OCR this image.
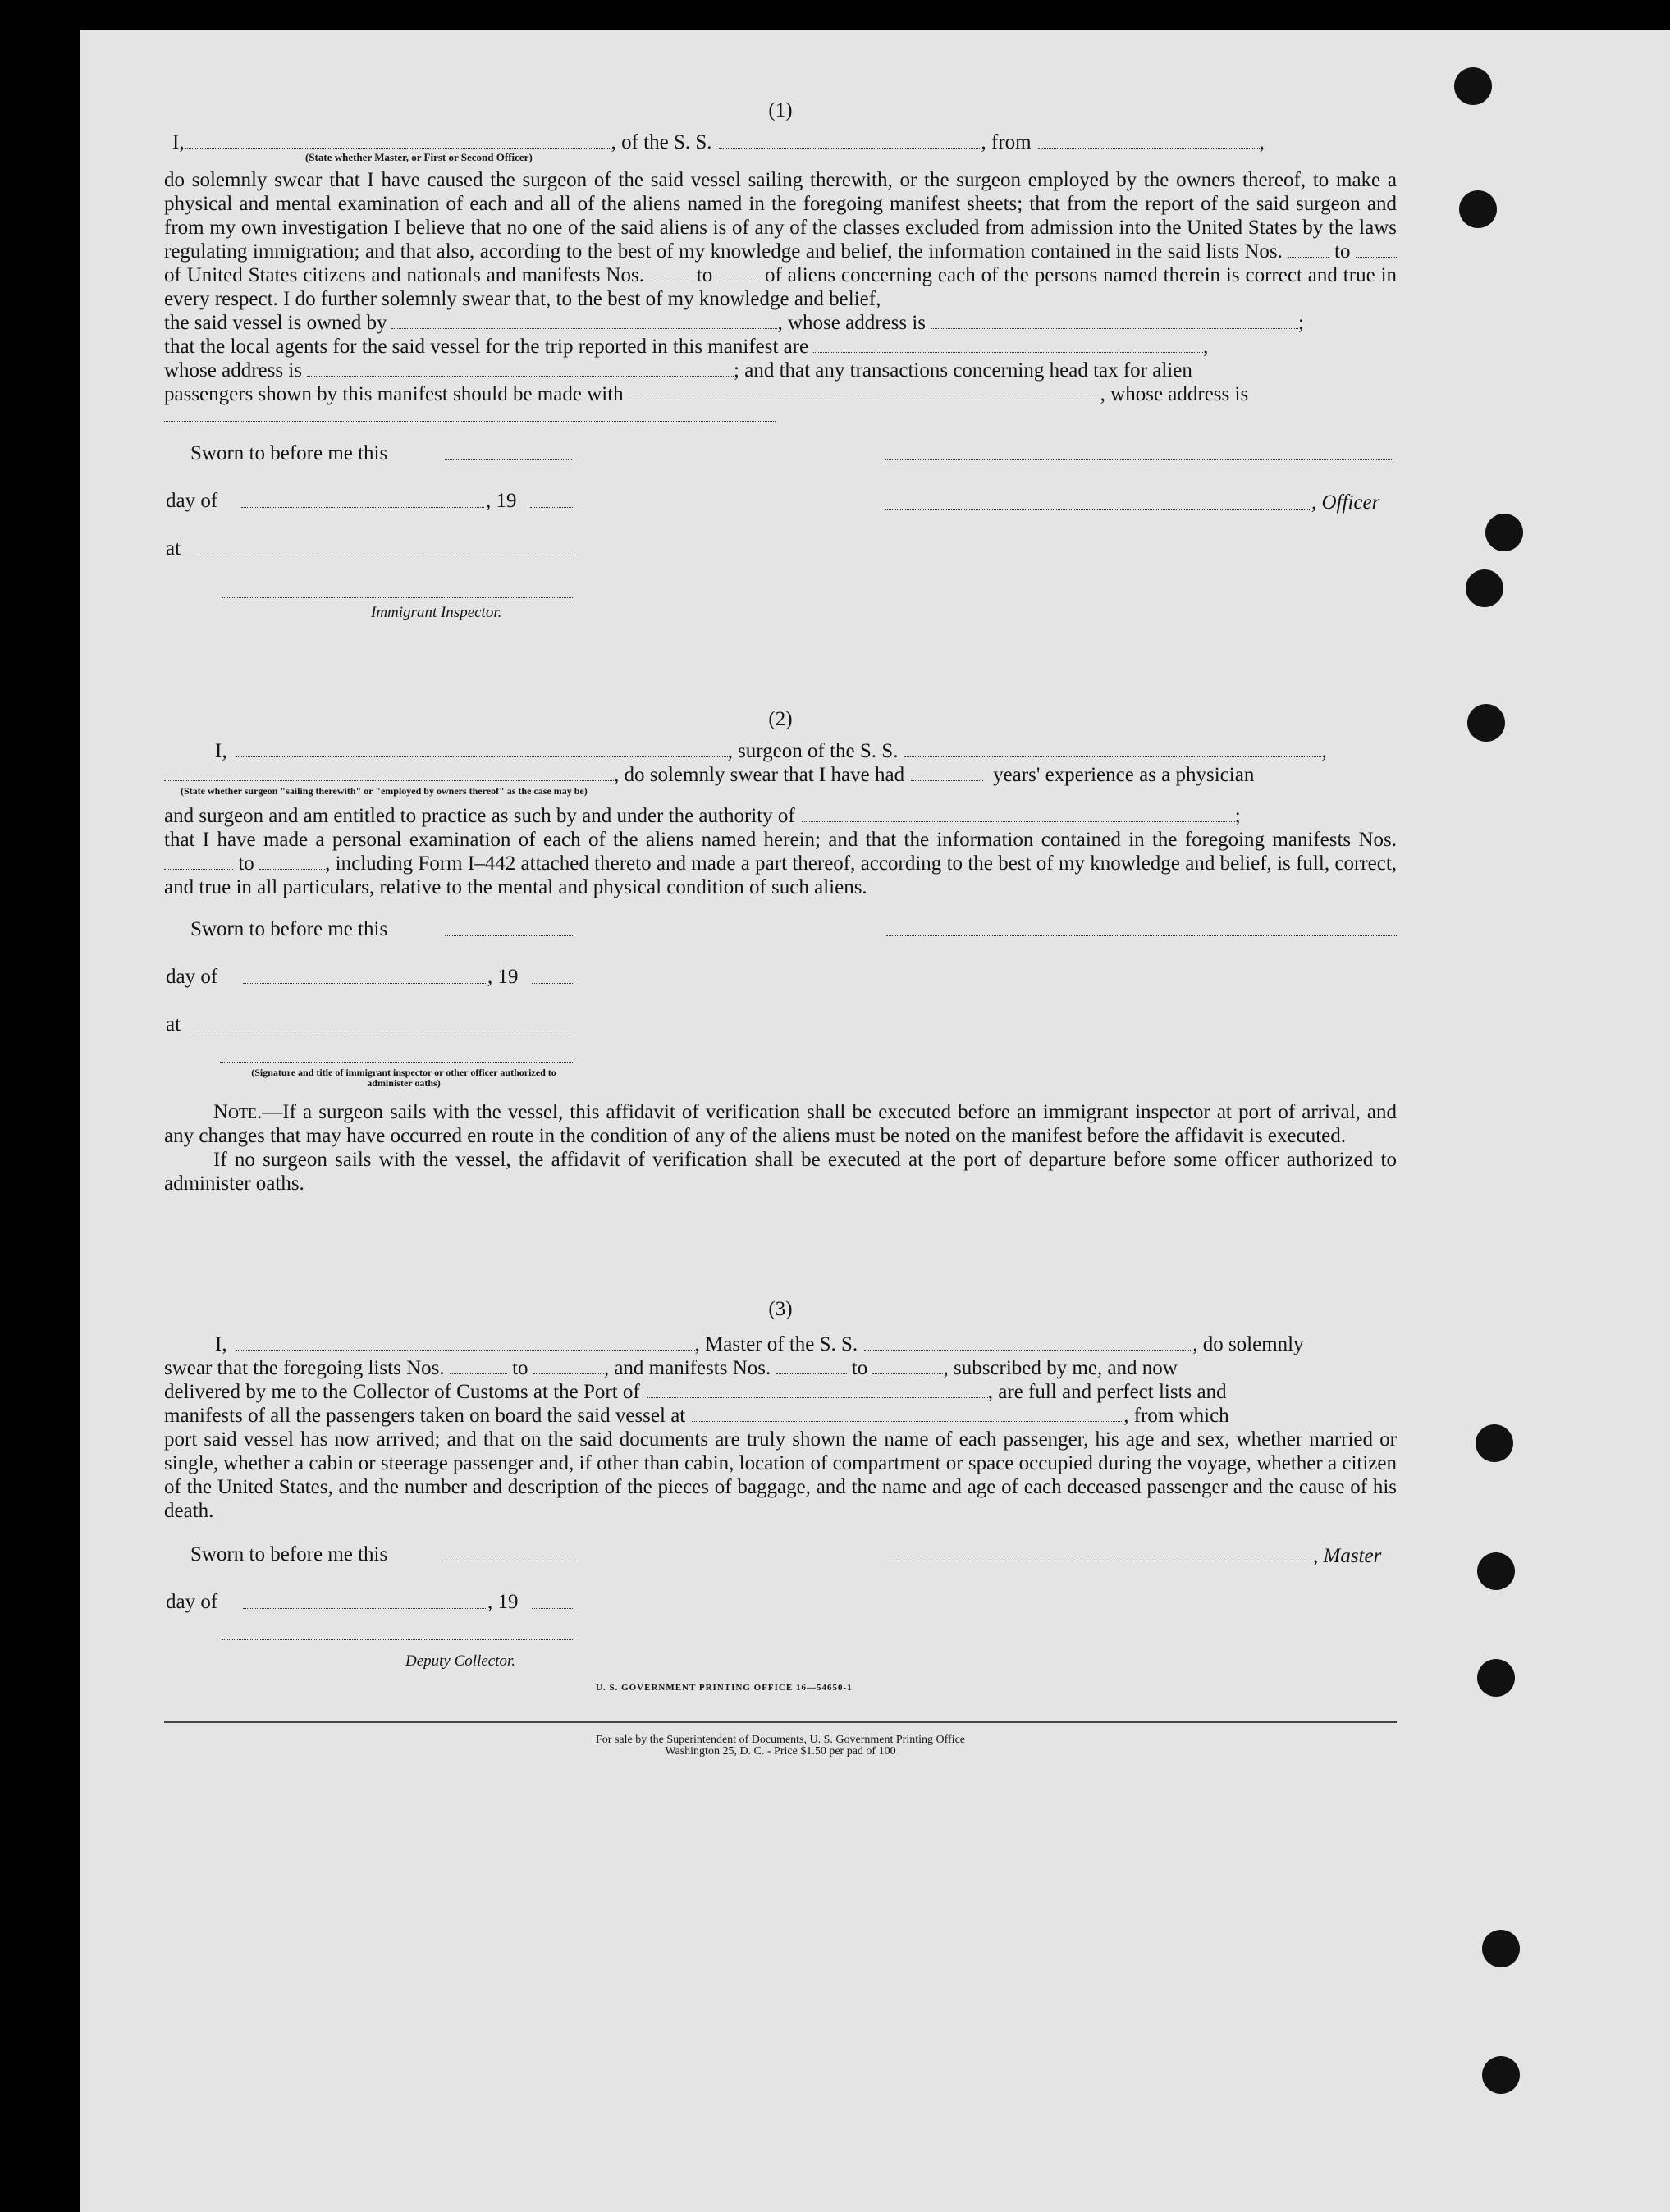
(1)
I,	, of the S. S.	, from	,
(State whether Master, or First or Second Officer)
do solemnly swear that I have caused the surgeon of the said vessel sailing therewith, or the surgeon employed by the owners thereof, to make a physical and mental examination of each and all of the aliens named in the foregoing manifest sheets; that from the report of the said surgeon and from my own investigation I believe that no one of the said aliens is of any of the classes excluded from admission into the United States by the laws regulating immigration; and that also, according to the best of my knowledge and belief, the information contained in the said lists Nos.	to  of United States citizens and nationals and manifests Nos.	to	of aliens concerning each of the persons named therein is correct and true in every respect. I do further solemnly swear that, to the best of my knowledge and belief,
the said vessel is owned by	, whose address is	;
that the local agents for the said vessel for the trip reported in this manifest are	,
whose address is	; and that any transactions concerning head tax for alien
passengers shown by this manifest should be made with	, whose address is
Sworn to before me this
day of	, 19	, Officer
at
Immigrant Inspector.
(2)
I,	, surgeon of the S. S.	,
, do solemnly swear that I have had	years' experience as a physician
(State whether surgeon "sailing therewith" or "employed by owners thereof" as the case may be)
and surgeon and am entitled to practice as such by and under the authority of	;
that I have made a personal examination of each of the aliens named herein; and that the information contained in the foregoing manifests Nos.  to	, including Form I–442 attached thereto and made a part thereof, according to the best of my knowledge and belief, is full, correct, and true in all particulars, relative to the mental and physical condition of such aliens.
Sworn to before me this
day of	, 19
at
(Signature and title of immigrant inspector or other officer authorized to administer oaths)
Note.—If a surgeon sails with the vessel, this affidavit of verification shall be executed before an immigrant inspector at port of arrival, and any changes that may have occurred en route in the condition of any of the aliens must be noted on the manifest before the affidavit is executed.
If no surgeon sails with the vessel, the affidavit of verification shall be executed at the port of departure before some officer authorized to administer oaths.
(3)
I,	, Master of the S. S.	, do solemnly
swear that the foregoing lists Nos.	to	, and manifests Nos.	to	, subscribed by me, and now
delivered by me to the Collector of Customs at the Port of	, are full and perfect lists and
manifests of all the passengers taken on board the said vessel at	, from which
port said vessel has now arrived; and that on the said documents are truly shown the name of each passenger, his age and sex, whether married or single, whether a cabin or steerage passenger and, if other than cabin, location of compartment or space occupied during the voyage, whether a citizen of the United States, and the number and description of the pieces of baggage, and the name and age of each deceased passenger and the cause of his death.
Sworn to before me this	, Master
day of	, 19
Deputy Collector.
U. S. GOVERNMENT PRINTING OFFICE 16—54650-1
For sale by the Superintendent of Documents, U. S. Government Printing Office
Washington 25, D. C. - Price $1.50 per pad of 100
